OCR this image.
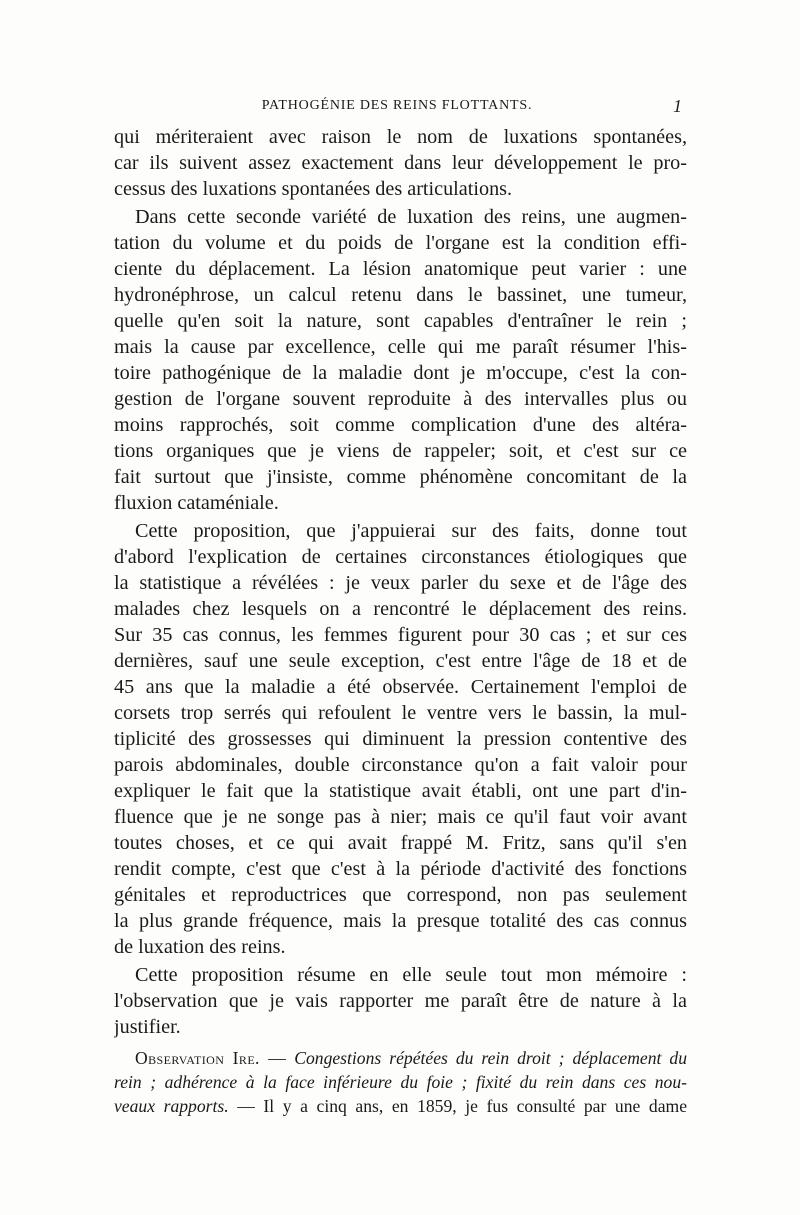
PATHOGÉNIE DES REINS FLOTTANTS.	1
qui mériteraient avec raison le nom de luxations spontanées,
car ils suivent assez exactement dans leur développement le pro-
cessus des luxations spontanées des articulations.
Dans cette seconde variété de luxation des reins, une augmen-
tation du volume et du poids de l'organe est la condition effi-
ciente du déplacement. La lésion anatomique peut varier : une
hydronéphrose, un calcul retenu dans le bassinet, une tumeur,
quelle qu'en soit la nature, sont capables d'entraîner le rein ;
mais la cause par excellence, celle qui me paraît résumer l'his-
toire pathogénique de la maladie dont je m'occupe, c'est la con-
gestion de l'organe souvent reproduite à des intervalles plus ou
moins rapprochés, soit comme complication d'une des altéra-
tions organiques que je viens de rappeler; soit, et c'est sur ce
fait surtout que j'insiste, comme phénomène concomitant de la
fluxion cataméniale.
Cette proposition, que j'appuierai sur des faits, donne tout
d'abord l'explication de certaines circonstances étiologiques que
la statistique a révélées : je veux parler du sexe et de l'âge des
malades chez lesquels on a rencontré le déplacement des reins.
Sur 35 cas connus, les femmes figurent pour 30 cas ; et sur ces
dernières, sauf une seule exception, c'est entre l'âge de 18 et de
45 ans que la maladie a été observée. Certainement l'emploi de
corsets trop serrés qui refoulent le ventre vers le bassin, la mul-
tiplicité des grossesses qui diminuent la pression contentive des
parois abdominales, double circonstance qu'on a fait valoir pour
expliquer le fait que la statistique avait établi, ont une part d'in-
fluence que je ne songe pas à nier; mais ce qu'il faut voir avant
toutes choses, et ce qui avait frappé M. Fritz, sans qu'il s'en
rendit compte, c'est que c'est à la période d'activité des fonctions
génitales et reproductrices que correspond, non pas seulement
la plus grande fréquence, mais la presque totalité des cas connus
de luxation des reins.
Cette proposition résume en elle seule tout mon mémoire :
l'observation que je vais rapporter me paraît être de nature à la
justifier.
Observation Ire. — Congestions répétées du rein droit ; déplacement du
rein ; adhérence à la face inférieure du foie ; fixité du rein dans ces nou-
veaux rapports. — Il y a cinq ans, en 1859, je fus consulté par une dame
